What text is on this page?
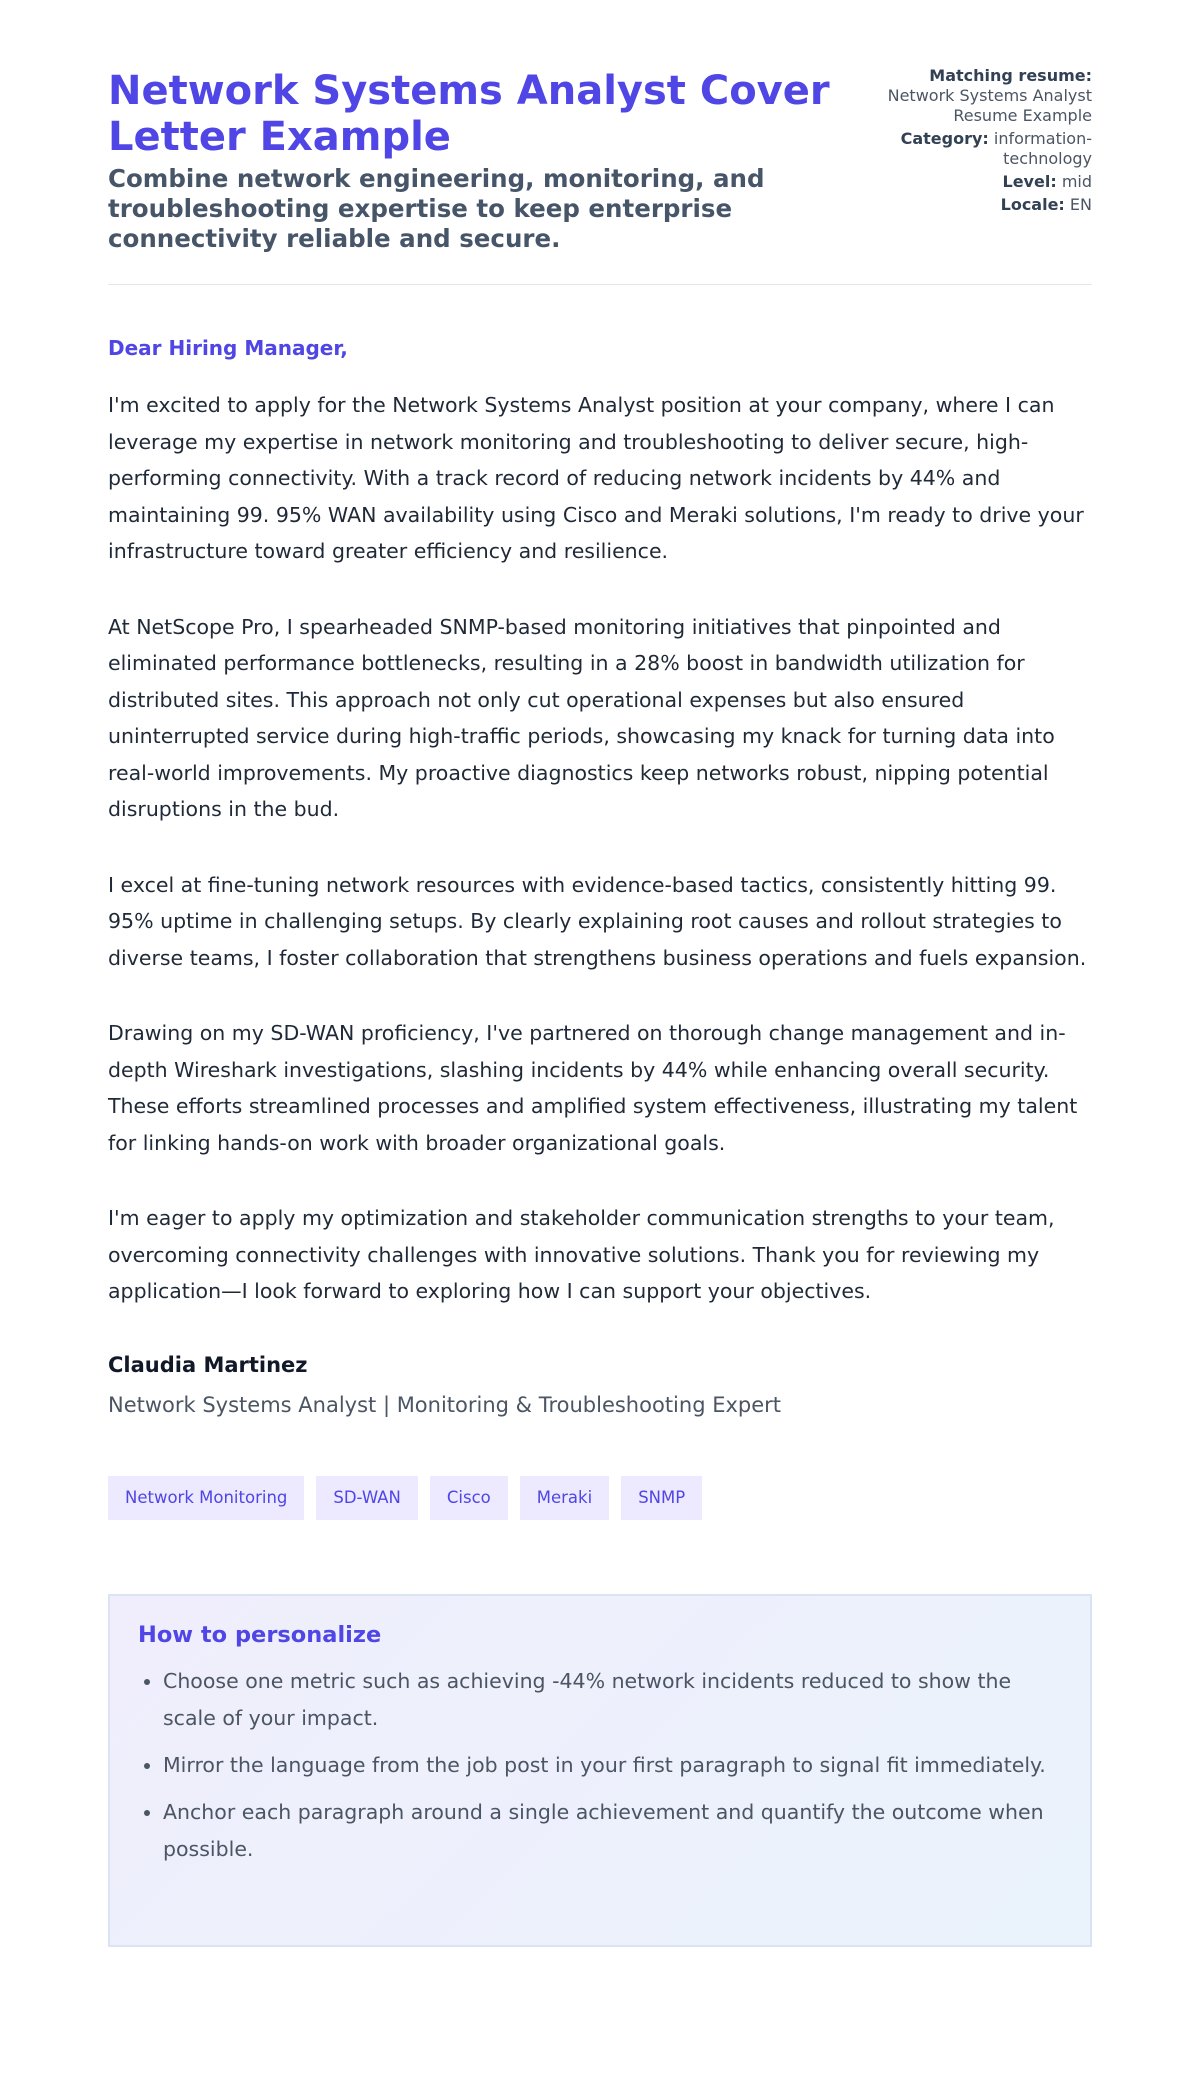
Network Systems Analyst Cover Letter Example
Combine network engineering, monitoring, and troubleshooting expertise to keep enterprise connectivity reliable and secure.
Matching resume:
Network Systems Analyst Resume Example
Category: information-technology
Level: mid
Locale: EN
Dear Hiring Manager,

I'm excited to apply for the Network Systems Analyst position at your company, where I can leverage my expertise in network monitoring and troubleshooting to deliver secure, high-performing connectivity. With a track record of reducing network incidents by 44% and maintaining 99. 95% WAN availability using Cisco and Meraki solutions, I'm ready to drive your infrastructure toward greater efficiency and resilience.

At NetScope Pro, I spearheaded SNMP-based monitoring initiatives that pinpointed and eliminated performance bottlenecks, resulting in a 28% boost in bandwidth utilization for distributed sites. This approach not only cut operational expenses but also ensured uninterrupted service during high-traffic periods, showcasing my knack for turning data into real-world improvements. My proactive diagnostics keep networks robust, nipping potential disruptions in the bud.

I excel at fine-tuning network resources with evidence-based tactics, consistently hitting 99. 95% uptime in challenging setups. By clearly explaining root causes and rollout strategies to diverse teams, I foster collaboration that strengthens business operations and fuels expansion.

Drawing on my SD-WAN proficiency, I've partnered on thorough change management and in-depth Wireshark investigations, slashing incidents by 44% while enhancing overall security. These efforts streamlined processes and amplified system effectiveness, illustrating my talent for linking hands-on work with broader organizational goals.

I'm eager to apply my optimization and stakeholder communication strengths to your team, overcoming connectivity challenges with innovative solutions. Thank you for reviewing my application—I look forward to exploring how I can support your objectives.

Claudia Martinez
Network Systems Analyst | Monitoring & Troubleshooting Expert
Network Monitoring	SD-WAN	Cisco	Meraki	SNMP
How to personalize
• Choose one metric such as achieving -44% network incidents reduced to show the scale of your impact.
• Mirror the language from the job post in your first paragraph to signal fit immediately.
• Anchor each paragraph around a single achievement and quantify the outcome when possible.
